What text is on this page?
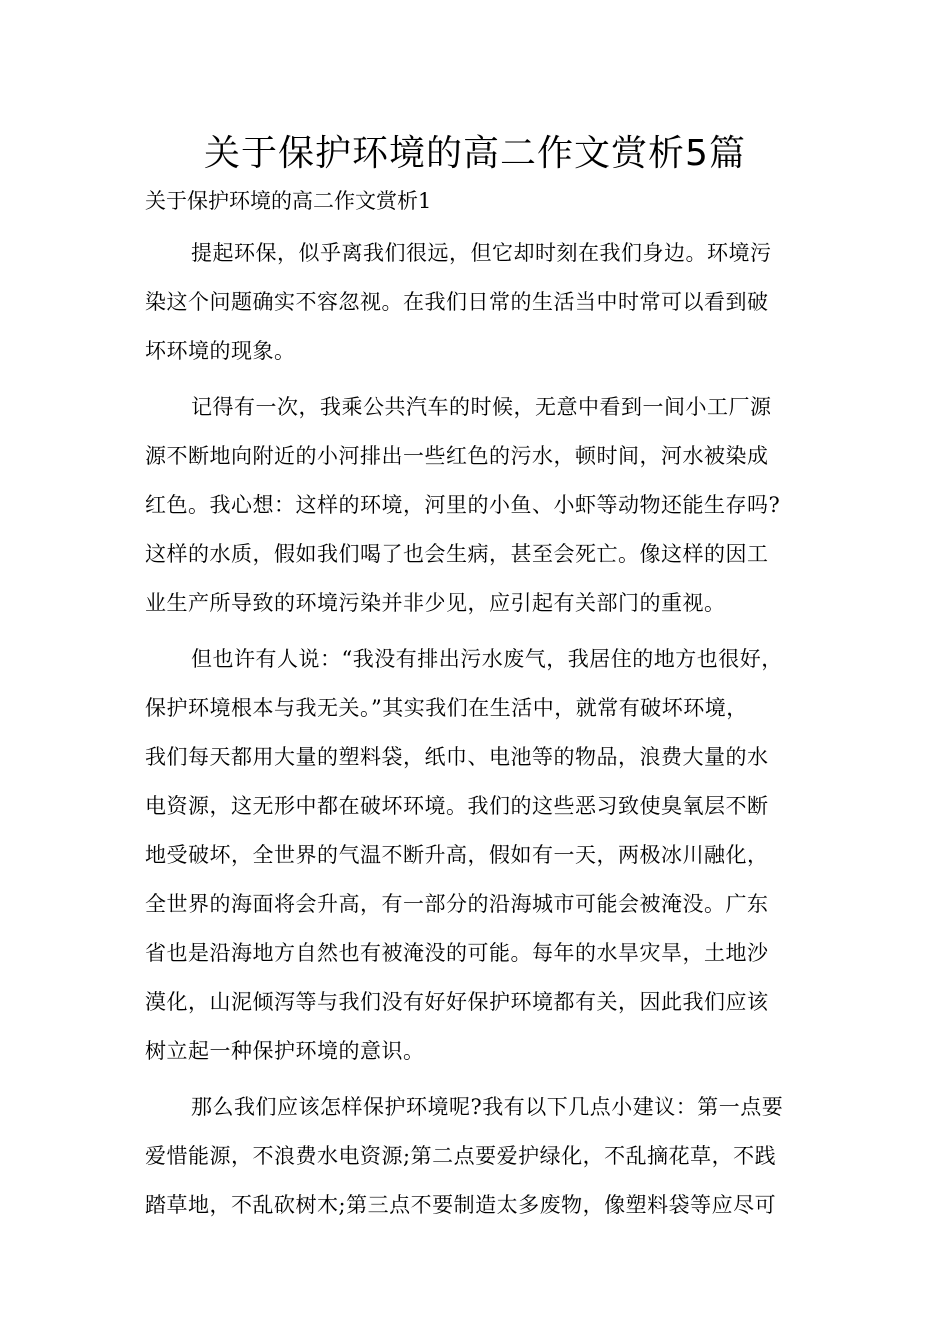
关于保护环境的高二作文赏析5篇
关于保护环境的高二作文赏析1
提起环保，似乎离我们很远，但它却时刻在我们身边。环境污
染这个问题确实不容忽视。在我们日常的生活当中时常可以看到破
坏环境的现象。
记得有一次，我乘公共汽车的时候，无意中看到一间小工厂源
源不断地向附近的小河排出一些红色的污水，顿时间，河水被染成
红色。我心想：这样的环境，河里的小鱼、小虾等动物还能生存吗?
这样的水质，假如我们喝了也会生病，甚至会死亡。像这样的因工
业生产所导致的环境污染并非少见，应引起有关部门的重视。
但也许有人说：“我没有排出污水废气，我居住的地方也很好，
保护环境根本与我无关。”其实我们在生活中，就常有破坏环境，
我们每天都用大量的塑料袋，纸巾、电池等的物品，浪费大量的水
电资源，这无形中都在破坏环境。我们的这些恶习致使臭氧层不断
地受破坏，全世界的气温不断升高，假如有一天，两极冰川融化，
全世界的海面将会升高，有一部分的沿海城市可能会被淹没。广东
省也是沿海地方自然也有被淹没的可能。每年的水旱灾旱，土地沙
漠化，山泥倾泻等与我们没有好好保护环境都有关，因此我们应该
树立起一种保护环境的意识。
那么我们应该怎样保护环境呢?我有以下几点小建议：第一点要
爱惜能源，不浪费水电资源;第二点要爱护绿化，不乱摘花草，不践
踏草地，不乱砍树木;第三点不要制造太多废物，像塑料袋等应尽可
